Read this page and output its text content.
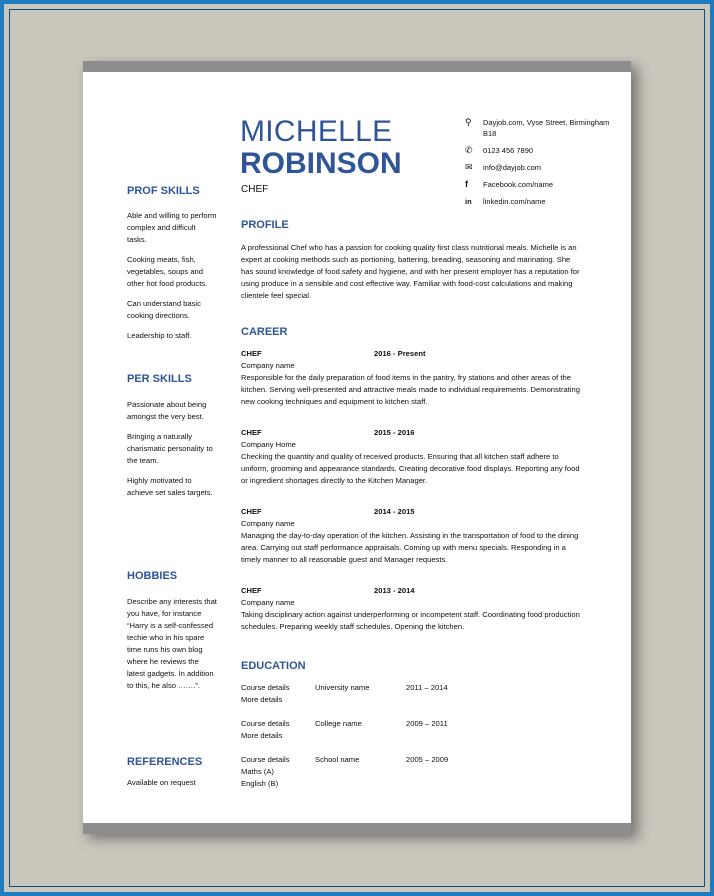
MICHELLE
ROBINSON
CHEF
⚲	Dayjob.com, Vyse Street, Birmingham B18
✆	0123 456 7890
✉	info@dayjob.com
f	Facebook.com/name
in	linkedin.com/name
PROF SKILLS

Able and willing to perform complex and difficult tasks.

Cooking meats, fish, vegetables, soups and other hot food products.

Can understand basic cooking directions.

Leadership to staff.

PER SKILLS

Passionate about being amongst the very best.

Bringing a naturally charismatic personality to the team.

Highly motivated to achieve set sales targets.

HOBBIES
Describe any interests that you have, for instance “Harry is a self-confessed techie who in his spare time runs his own blog where he reviews the latest gadgets. In addition to this, he also …….”.
REFERENCES
Available on request
PROFILE
A professional Chef who has a passion for cooking quality first class nutritional meals. Michelle is an expert at cooking methods such as portioning, battering, breading, seasoning and marinating. She has sound knowledge of food safety and hygiene, and with her present employer has a reputation for using produce in a sensible and cost effective way. Familiar with food-cost calculations and making clientele feel special.
CAREER
CHEF	2016 - Present
Company name
Responsible for the daily preparation of food items in the pantry, fry stations and other areas of the kitchen. Serving well-presented and attractive meals made to individual requirements. Demonstrating new cooking techniques and equipment to kitchen staff.
CHEF	2015 - 2016
Company Home
Checking the quantity and quality of received products. Ensuring that all kitchen staff adhere to uniform, grooming and appearance standards. Creating decorative food displays. Reporting any food or ingredient shortages directly to the Kitchen Manager.
CHEF	2014 - 2015
Company name
Managing the day-to-day operation of the kitchen. Assisting in the transportation of food to the dining area. Carrying out staff performance appraisals. Coming up with menu specials. Responding in a timely manner to all reasonable guest and Manager requests.
CHEF	2013 - 2014
Company name
Taking disciplinary action against underperforming or incompetent staff. Coordinating food production schedules. Preparing weekly staff schedules. Opening the kitchen.
EDUCATION
Course details	University name	2011 – 2014
More details
Course details	College name	2009 – 2011
More details
Course details	School name	2005 – 2009
Maths (A)
English (B)
